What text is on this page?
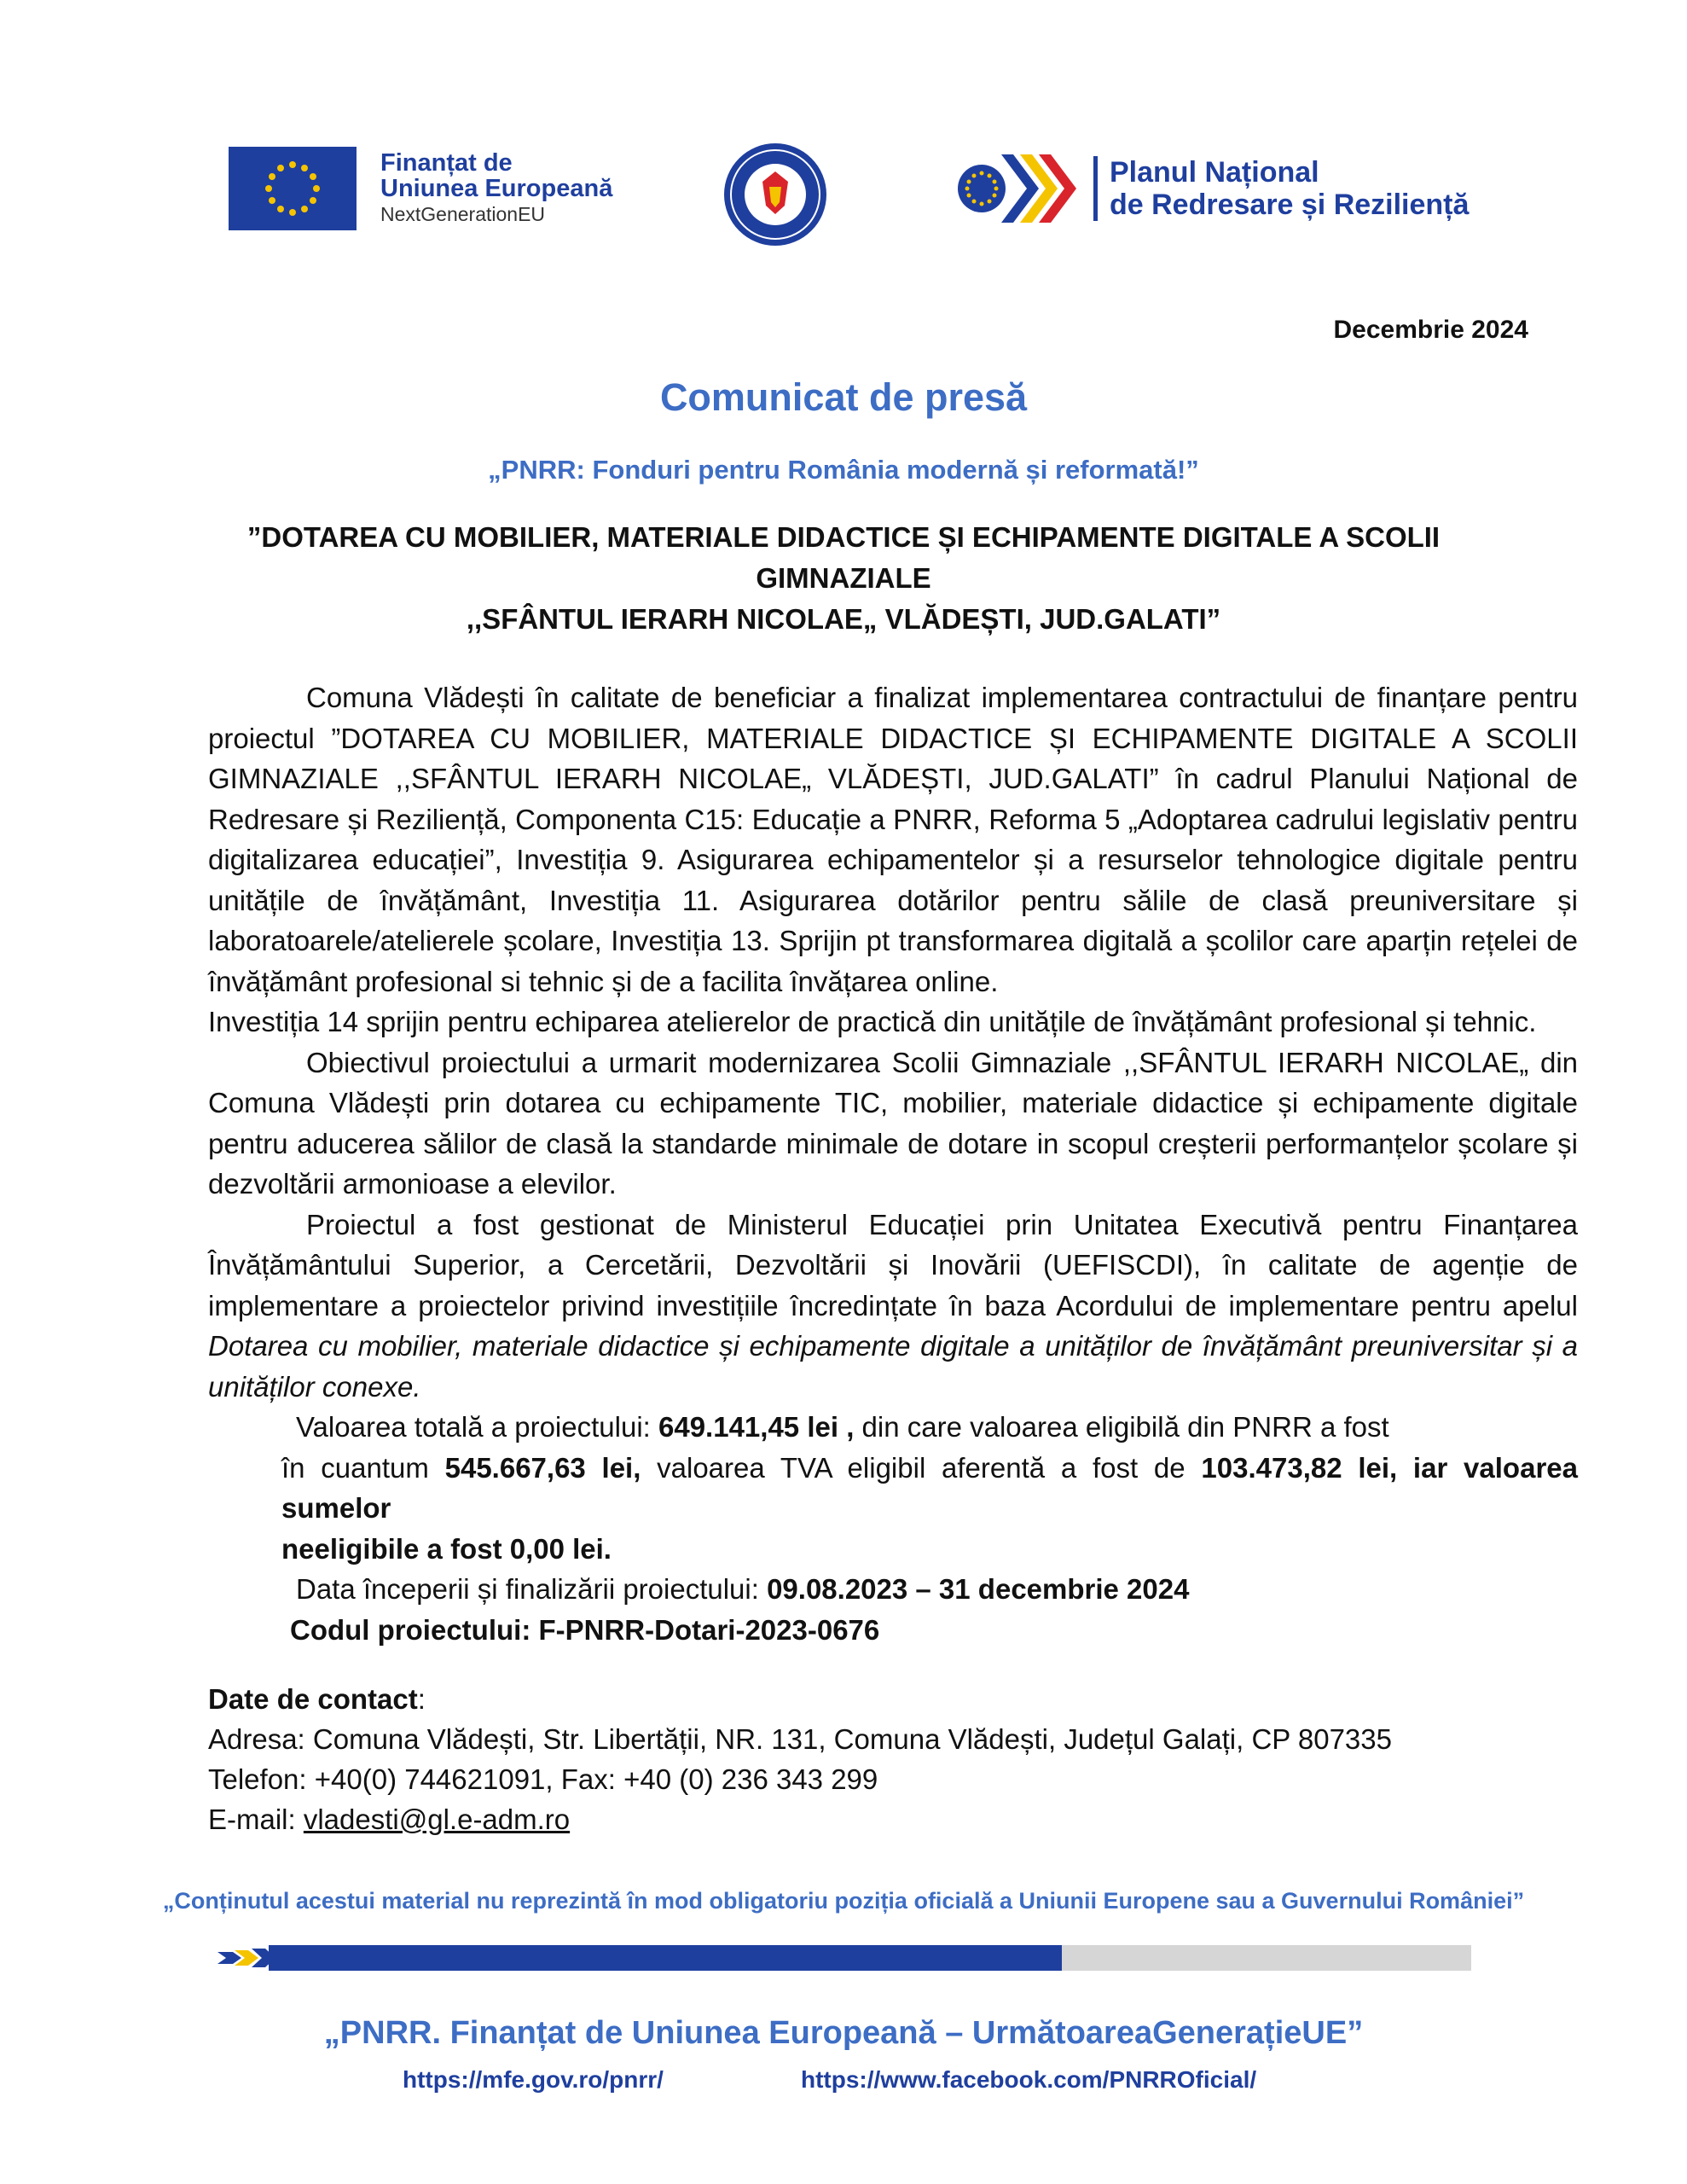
Finanțat de
Uniunea Europeană
NextGenerationEU
Planul Național
de Redresare și Reziliență
Decembrie 2024
Comunicat de presă
„PNRR: Fonduri pentru România modernă și reformată!”
”DOTAREA CU MOBILIER, MATERIALE DIDACTICE ȘI ECHIPAMENTE DIGITALE A SCOLII GIMNAZIALE
,,SFÂNTUL IERARH NICOLAE„ VLĂDEȘTI, JUD.GALATI”

Comuna Vlădești în calitate de beneficiar a finalizat implementarea contractului de finanțare pentru proiectul ”DOTAREA CU MOBILIER, MATERIALE DIDACTICE ȘI ECHIPAMENTE DIGITALE A SCOLII GIMNAZIALE ,,SFÂNTUL IERARH NICOLAE„ VLĂDEȘTI, JUD.GALATI” în cadrul Planului Național de Redresare și Reziliență, Componenta C15: Educație a PNRR, Reforma 5 „Adoptarea cadrului legislativ pentru digitalizarea educației”, Investiția 9. Asigurarea echipamentelor și a resurselor tehnologice digitale pentru unitățile de învățământ, Investiția 11. Asigurarea dotărilor pentru sălile de clasă preuniversitare și laboratoarele/atelierele școlare, Investiția 13. Sprijin pt transformarea digitală a școlilor care aparțin rețelei de învățământ profesional si tehnic și de a facilita învățarea online.

Investiția 14 sprijin pentru echiparea atelierelor de practică din unitățile de învățământ profesional și tehnic.

Obiectivul proiectului a urmarit modernizarea Scolii Gimnaziale ,,SFÂNTUL IERARH NICOLAE„ din Comuna Vlădești prin dotarea cu echipamente TIC, mobilier, materiale didactice și echipamente digitale pentru aducerea sălilor de clasă la standarde minimale de dotare in scopul creșterii performanțelor școlare și dezvoltării armonioase a elevilor.

Proiectul a fost gestionat de Ministerul Educației prin Unitatea Executivă pentru Finanțarea Învățământului Superior, a Cercetării, Dezvoltării și Inovării (UEFISCDI), în calitate de agenție de implementare a proiectelor privind investițiile încredințate în baza Acordului de implementare pentru apelul Dotarea cu mobilier, materiale didactice și echipamente digitale a unităților de învățământ preuniversitar și a unităților conexe.

Valoarea totală a proiectului: 649.141,45 lei , din care valoarea eligibilă din PNRR a fost
în cuantum 545.667,63 lei, valoarea TVA eligibil aferentă a fost de 103.473,82 lei, iar valoarea sumelor
neeligibile a fost 0,00 lei.
Data începerii și finalizării proiectului: 09.08.2023 – 31 decembrie 2024
Codul proiectului: F-PNRR-Dotari-2023-0676

Date de contact:
Adresa: Comuna Vlădești, Str. Libertății, NR. 131, Comuna Vlădești, Județul Galați, CP 807335
Telefon: +40(0) 744621091, Fax: +40 (0) 236 343 299
E-mail: vladesti@gl.e-adm.ro
„Conținutul acestui material nu reprezintă în mod obligatoriu poziția oficială a Uniunii Europene sau a Guvernului României”
„PNRR. Finanțat de Uniunea Europeană – UrmătoareaGenerațieUE”
https://mfe.gov.ro/pnrr/	https://www.facebook.com/PNRROficial/
